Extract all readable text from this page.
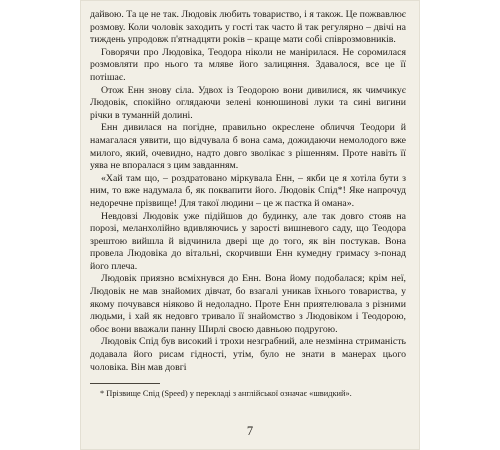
дайвою. Та це не так. Людовік любить товариство, і я також. Це пожвавлює розмову. Коли чоловік заходить у гості так часто й так регулярно – двічі на тиждень упродовж п'ятнадцяти років – краще мати собі співрозмовників.

Говорячи про Людовіка, Теодора ніколи не манірилася. Не соромилася розмовляти про нього та мляве його залицяння. Здавалося, все це її потішає.

Отож Енн знову сіла. Удвох із Теодорою вони дивилися, як чимчикує Людовік, спокійно оглядаючи зелені конюшинові луки та сині вигини річки в туманній долині.

Енн дивилася на погідне, правильно окреслене обличчя Теодори й намагалася уявити, що відчувала б вона сама, дожидаючи немолодого вже милого, який, очевидно, надто довго зволікає з рішенням. Проте навіть її уява не впоралася з цим завданням.

«Хай там що, – роздратовано міркувала Енн, – якби це я хотіла бути з ним, то вже надумала б, як поквапити його. Людовік Спід*! Яке напрочуд недоречне прізвище! Для такої людини – це ж пастка й омана».

Невдовзі Людовік уже підійшов до будинку, але так довго стояв на порозі, меланхолійно вдивляючись у зарості вишневого саду, що Теодора зрештою вийшла й відчинила двері ще до того, як він постукав. Вона провела Людовіка до вітальні, скорчивши Енн кумедну гримасу з-понад його плеча.

Людовік приязно всміхнувся до Енн. Вона йому подобалася; крім неї, Людовік не мав знайомих дівчат, бо взагалі уникав їхнього товариства, у якому почувався ніяково й недоладно. Проте Енн приятелювала з різними людьми, і хай як недовго тривало її знайомство з Людовіком і Теодорою, обоє вони вважали панну Ширлі своєю давньою подругою.

Людовік Спід був високий і трохи незграбний, але незмінна стриманість додавала його рисам гідності, утім, було не знати в манерах цього чоловіка. Він мав довгі

* Прізвище Спід (Speed) у перекладі з англійської означає «швидкий».
7
